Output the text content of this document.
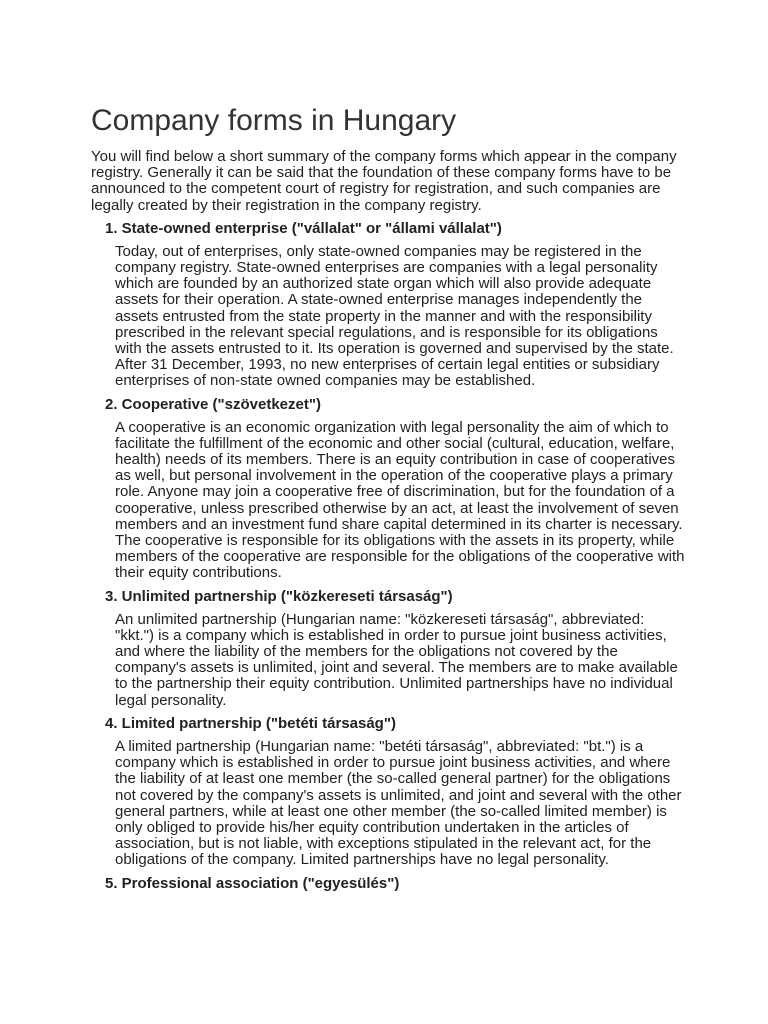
Company forms in Hungary

You will find below a short summary of the company forms which appear in the company registry. Generally it can be said that the foundation of these company forms have to be announced to the competent court of registry for registration, and such companies are legally created by their registration in the company registry.

1. State-owned enterprise ("vállalat" or "állami vállalat")

Today, out of enterprises, only state-owned companies may be registered in the company registry. State-owned enterprises are companies with a legal personality which are founded by an authorized state organ which will also provide adequate assets for their operation. A state-owned enterprise manages independently the assets entrusted from the state property in the manner and with the responsibility prescribed in the relevant special regulations, and is responsible for its obligations with the assets entrusted to it. Its operation is governed and supervised by the state. After 31 December, 1993, no new enterprises of certain legal entities or subsidiary enterprises of non-state owned companies may be established.

2. Cooperative ("szövetkezet")

A cooperative is an economic organization with legal personality the aim of which to facilitate the fulfillment of the economic and other social (cultural, education, welfare, health) needs of its members. There is an equity contribution in case of cooperatives as well, but personal involvement in the operation of the cooperative plays a primary role. Anyone may join a cooperative free of discrimination, but for the foundation of a cooperative, unless prescribed otherwise by an act, at least the involvement of seven members and an investment fund share capital determined in its charter is necessary. The cooperative is responsible for its obligations with the assets in its property, while members of the cooperative are responsible for the obligations of the cooperative with their equity contributions.

3. Unlimited partnership ("közkereseti társaság")

An unlimited partnership (Hungarian name: "közkereseti társaság", abbreviated: "kkt.") is a company which is established in order to pursue joint business activities, and where the liability of the members for the obligations not covered by the company's assets is unlimited, joint and several. The members are to make available to the partnership their equity contribution. Unlimited partnerships have no individual legal personality.

4. Limited partnership ("betéti társaság")

A limited partnership (Hungarian name: "betéti társaság", abbreviated: "bt.") is a company which is established in order to pursue joint business activities, and where the liability of at least one member (the so-called general partner) for the obligations not covered by the company's assets is unlimited, and joint and several with the other general partners, while at least one other member (the so-called limited member) is only obliged to provide his/her equity contribution undertaken in the articles of association, but is not liable, with exceptions stipulated in the relevant act, for the obligations of the company. Limited partnerships have no legal personality.

5. Professional association ("egyesülés")
